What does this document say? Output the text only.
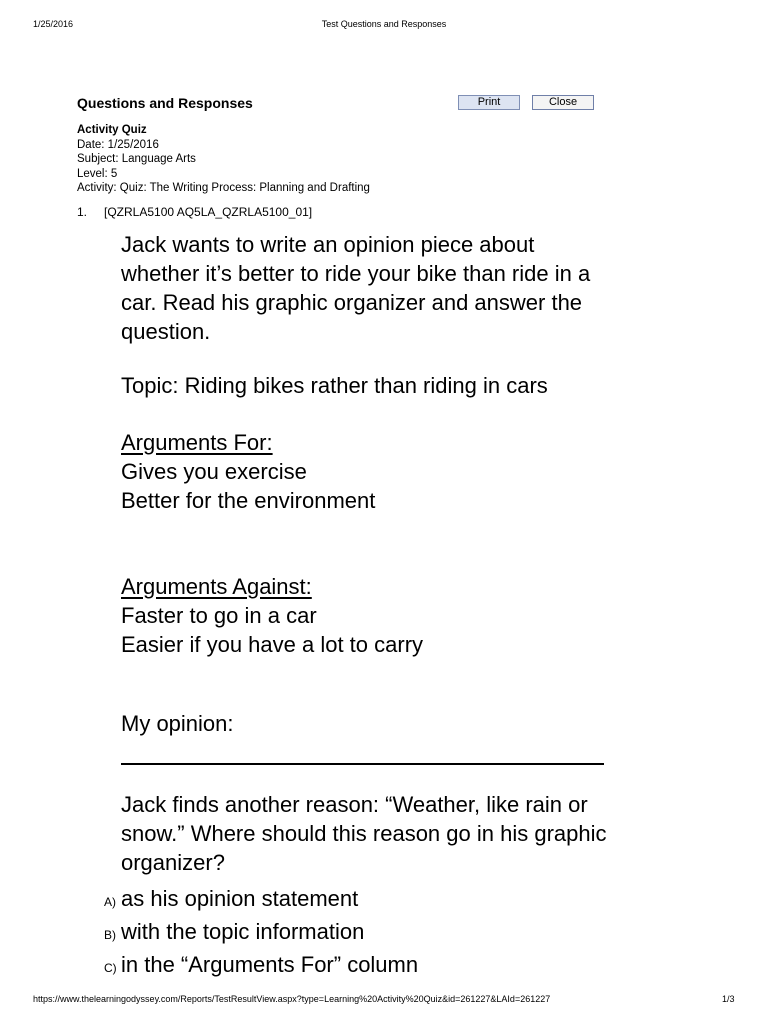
1/25/2016	Test Questions and Responses
Questions and Responses	Print	Close
Activity Quiz
Date: 1/25/2016
Subject: Language Arts
Level: 5
Activity: Quiz: The Writing Process: Planning and Drafting
1. [QZRLA5100 AQ5LA_QZRLA5100_01]

Jack wants to write an opinion piece about

whether it’s better to ride your bike than ride in a

car. Read his graphic organizer and answer the

question.

Topic: Riding bikes rather than riding in cars

Arguments For:

Gives you exercise

Better for the environment

Arguments Against:

Faster to go in a car

Easier if you have a lot to carry

My opinion:

Jack finds another reason: “Weather, like rain or

snow.” Where should this reason go in his graphic

organizer?

A) as his opinion statement
B) with the topic information
C) in the “Arguments For” column
https://www.thelearningodyssey.com/Reports/TestResultView.aspx?type=Learning%20Activity%20Quiz&id=261227&LAId=261227	1/3
